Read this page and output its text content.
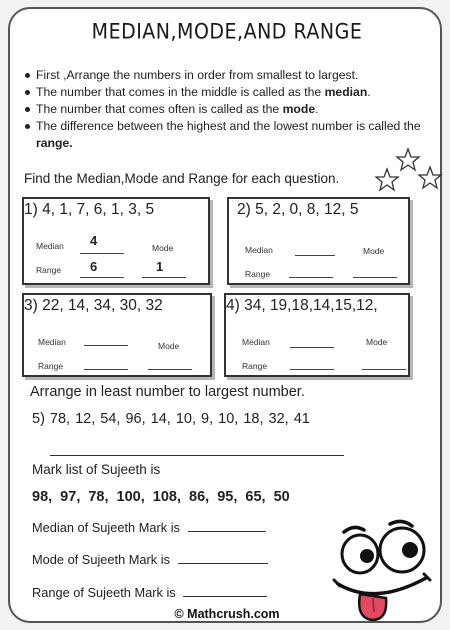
MEDIAN,MODE,AND RANGE
First ,Arrange the numbers in order from smallest to largest.
The number that comes in the middle is called as the median.
The number that comes often is called as the mode.
The difference between the highest and the lowest number is called the range.
Find the Median,Mode and Range for each question.
1) 4, 1, 7, 6, 1, 3, 5
Median 4	Mode
Range 6	1
2) 5, 2, 0, 8, 12, 5
Median	Mode
Range
3) 22, 14, 34, 30, 32
Median	Mode
Range
4) 34, 19,18,14,15,12,
Median	Mode
Range
Arrange in least number to largest number.
5) 78, 12, 54, 96, 14, 10, 9, 10, 18, 32, 41
Mark list of Sujeeth is
98, 97, 78, 100, 108, 86, 95, 65, 50
Median of Sujeeth Mark is
Mode of Sujeeth Mark is
Range of Sujeeth Mark is
© Mathcrush.com
